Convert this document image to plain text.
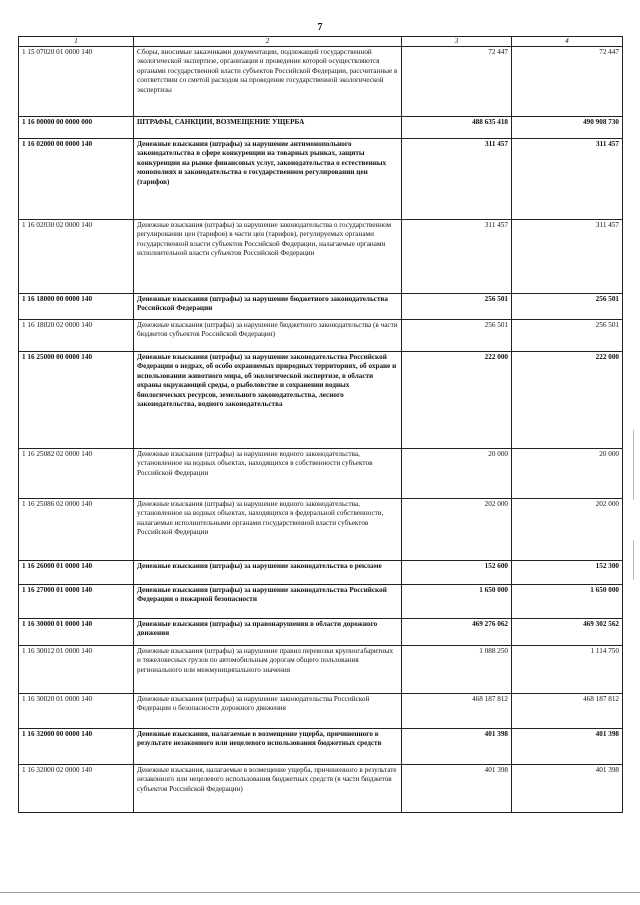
7
1	2	3	4
1 15 07020 01 0000 140	Сборы, вносимые заказчиками документации, подлежащей государственной экологической экспертизе, организация и проведение которой осуществляются органами государственной власти субъектов Российской Федерации, рассчитанные в соответствии со сметой расходов на проведение государственной экологической экспертизы	72 447	72 447
1 16 00000 00 0000 000	ШТРАФЫ, САНКЦИИ, ВОЗМЕЩЕНИЕ УЩЕРБА	488 635 418	490 908 730
1 16 02000 00 0000 140	Денежные взыскания (штрафы) за нарушение антимонопольного законодательства в сфере конкуренции на товарных рынках, защиты конкуренции на рынке финансовых услуг, законодательства о естественных монополиях и законодательства о государственном регулировании цен (тарифов)	311 457	311 457
1 16 02030 02 0000 140	Денежные взыскания (штрафы) за нарушение законодательства о государственном регулировании цен (тарифов) в части цен (тарифов), регулируемых органами государственной власти субъектов Российской Федерации, налагаемые органами исполнительной власти субъектов Российской Федерации	311 457	311 457
1 16 18000 00 0000 140	Денежные взыскания (штрафы) за нарушение бюджетного законодательства Российской Федерации	256 501	256 501
1 16 18020 02 0000 140	Денежные взыскания (штрафы) за нарушение бюджетного законодательства (в части бюджетов субъектов Российской Федерации)	256 501	256 501
1 16 25000 00 0000 140	Денежные взыскания (штрафы) за нарушение законодательства Российской Федерации о недрах, об особо охраняемых природных территориях, об охране и использовании животного мира, об экологической экспертизе, в области охраны окружающей среды, о рыболовстве и сохранении водных биологических ресурсов, земельного законодательства, лесного законодательства, водного законодательства	222 000	222 000
1 16 25082 02 0000 140	Денежные взыскания (штрафы) за нарушение водного законодательства, установленное на водных объектах, находящихся в собственности субъектов Российской Федерации	20 000	20 000
1 16 25086 02 0000 140	Денежные взыскания (штрафы) за нарушение водного законодательства, установленное на водных объектах, находящихся в федеральной собственности, налагаемые исполнительными органами государственной власти субъектов Российской Федерации	202 000	202 000
1 16 26000 01 0000 140	Денежные взыскания (штрафы) за нарушение законодательства о рекламе	152 600	152 300
1 16 27000 01 0000 140	Денежные взыскания (штрафы) за нарушение законодательства Российской Федерации о пожарной безопасности	1 650 000	1 650 000
1 16 30000 01 0000 140	Денежные взыскания (штрафы) за правонарушения в области дорожного движения	469 276 062	469 302 562
1 16 30012 01 0000 140	Денежные взыскания (штрафы) за нарушение правил перевозки крупногабаритных и тяжеловесных грузов по автомобильным дорогам общего пользования регионального или межмуниципального значения	1 088 250	1 114 750
1 16 30020 01 0000 140	Денежные взыскания (штрафы) за нарушение законодательства Российской Федерации о безопасности дорожного движения	468 187 812	468 187 812
1 16 32000 00 0000 140	Денежные взыскания, налагаемые в возмещение ущерба, причиненного в результате незаконного или нецелевого использования бюджетных средств	401 398	401 398
1 16 32000 02 0000 140	Денежные взыскания, налагаемые в возмещение ущерба, причиненного в результате незаконного или нецелевого использования бюджетных средств (в части бюджетов субъектов Российской Федерации)	401 398	401 398
